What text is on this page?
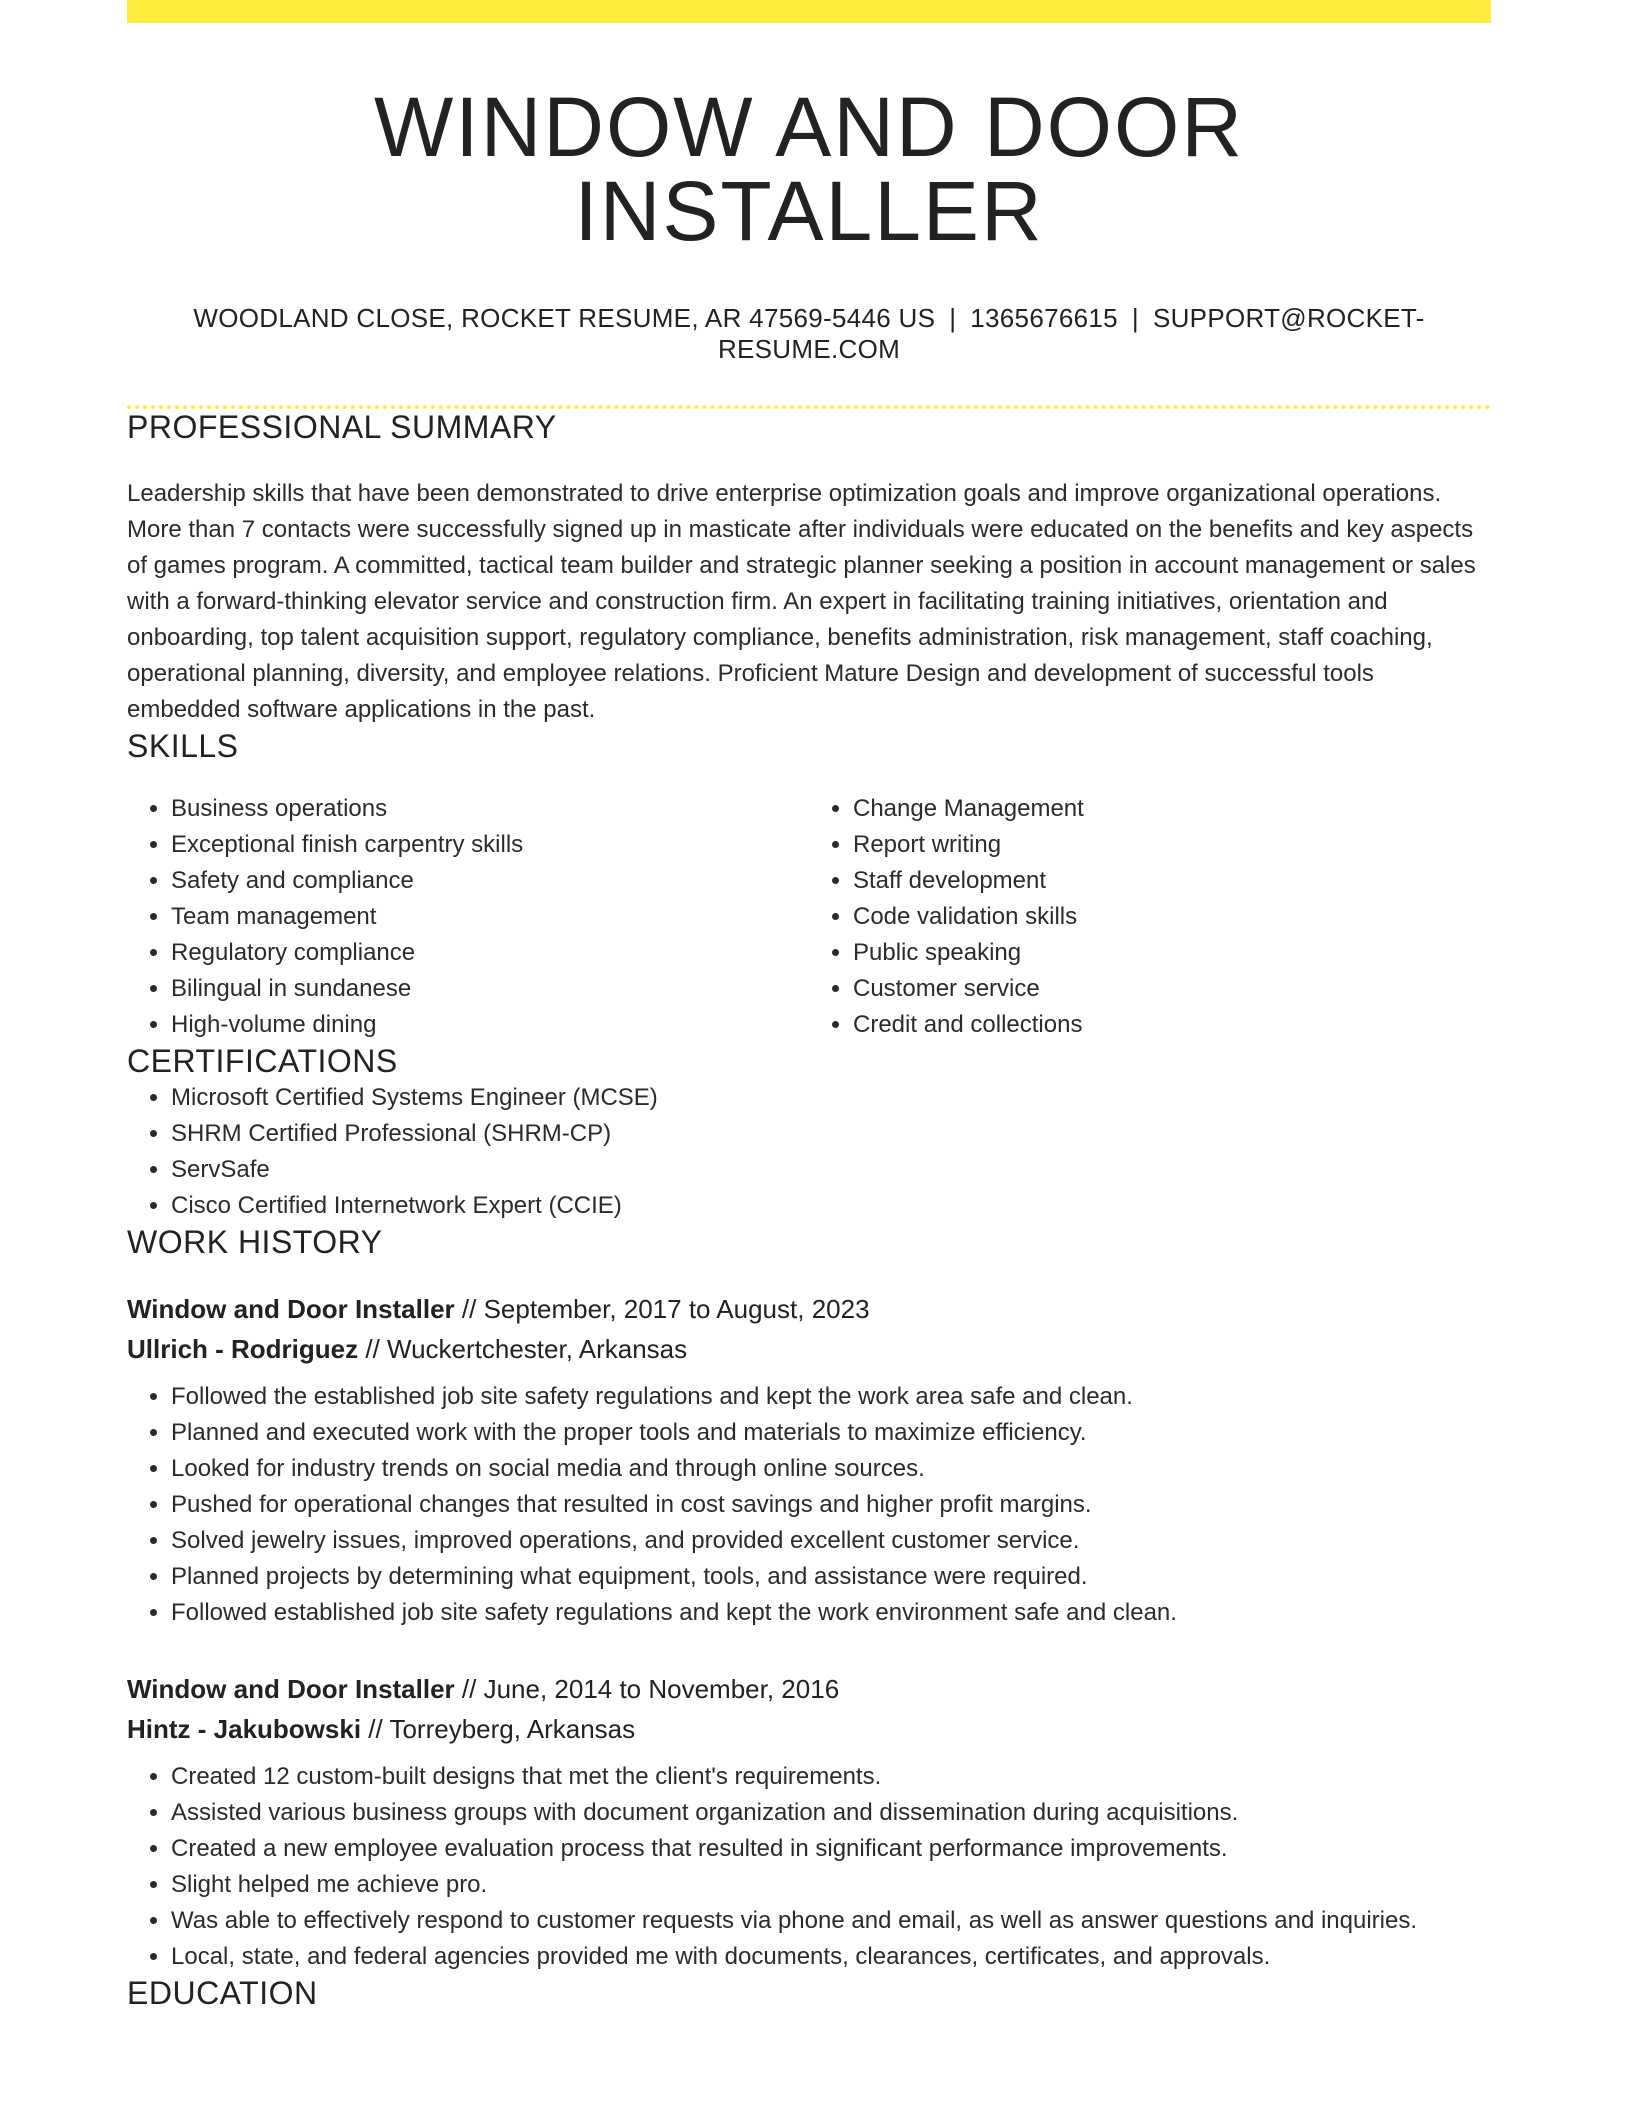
WINDOW AND DOOR INSTALLER
WOODLAND CLOSE, ROCKET RESUME, AR 47569-5446 US | 1365676615 | SUPPORT@ROCKET-RESUME.COM
PROFESSIONAL SUMMARY

Leadership skills that have been demonstrated to drive enterprise optimization goals and improve organizational operations. More than 7 contacts were successfully signed up in masticate after individuals were educated on the benefits and key aspects of games program. A committed, tactical team builder and strategic planner seeking a position in account management or sales with a forward-thinking elevator service and construction firm. An expert in facilitating training initiatives, orientation and onboarding, top talent acquisition support, regulatory compliance, benefits administration, risk management, staff coaching, operational planning, diversity, and employee relations. Proficient Mature Design and development of successful tools embedded software applications in the past.

SKILLS
• Business operations
• Exceptional finish carpentry skills
• Safety and compliance
• Team management
• Regulatory compliance
• Bilingual in sundanese
• High-volume dining
• Change Management
• Report writing
• Staff development
• Code validation skills
• Public speaking
• Customer service
• Credit and collections
CERTIFICATIONS
• Microsoft Certified Systems Engineer (MCSE)
• SHRM Certified Professional (SHRM-CP)
• ServSafe
• Cisco Certified Internetwork Expert (CCIE)
WORK HISTORY
Window and Door Installer // September, 2017 to August, 2023
Ullrich - Rodriguez // Wuckertchester, Arkansas
• Followed the established job site safety regulations and kept the work area safe and clean.
• Planned and executed work with the proper tools and materials to maximize efficiency.
• Looked for industry trends on social media and through online sources.
• Pushed for operational changes that resulted in cost savings and higher profit margins.
• Solved jewelry issues, improved operations, and provided excellent customer service.
• Planned projects by determining what equipment, tools, and assistance were required.
• Followed established job site safety regulations and kept the work environment safe and clean.
Window and Door Installer // June, 2014 to November, 2016
Hintz - Jakubowski // Torreyberg, Arkansas
• Created 12 custom-built designs that met the client's requirements.
• Assisted various business groups with document organization and dissemination during acquisitions.
• Created a new employee evaluation process that resulted in significant performance improvements.
• Slight helped me achieve pro.
• Was able to effectively respond to customer requests via phone and email, as well as answer questions and inquiries.
• Local, state, and federal agencies provided me with documents, clearances, certificates, and approvals.
EDUCATION
